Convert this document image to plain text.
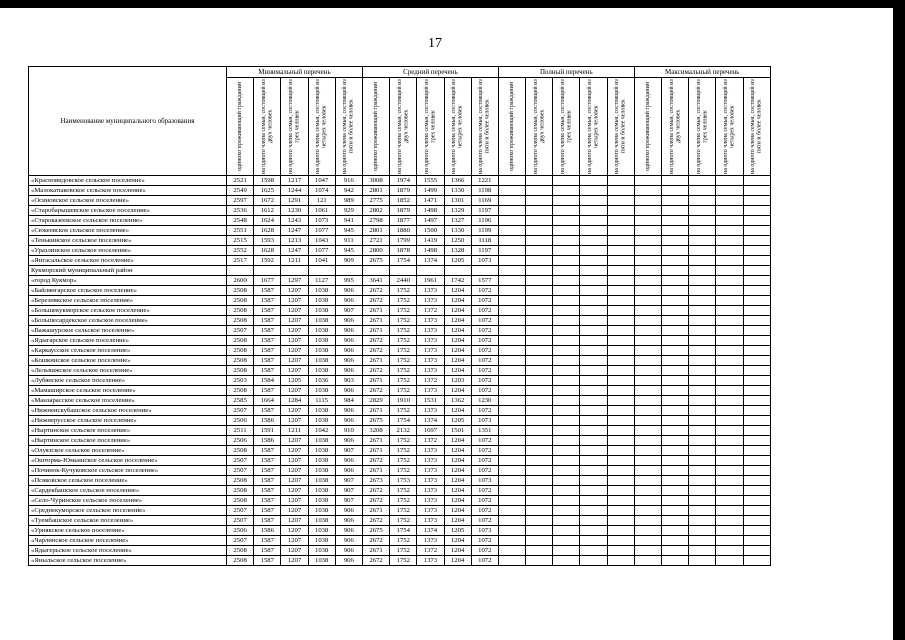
17
Наименование муниципального образования	Минимальный перечень					Средний перечень					Полный перечень					Максимальный перечень				

	одиноко проживающий гражданин	на одного члена семьи, состоящей из двух человек	на одного члена семьи, состоящей из трех человек	на одного члена семьи, состоящей из четырех человек	на одного члена семьи, состоящей из пяти и более человек	одиноко проживающий гражданин	на одного члена семьи, состоящей из двух человек	на одного члена семьи, состоящей из трех человек	на одного члена семьи, состоящей из четырех человек	на одного члена семьи, состоящей из пяти и более человек	одиноко проживающий гражданин	на одного члена семьи, состоящей из двух человек	на одного члена семьи, состоящей из трех человек	на одного члена семьи, состоящей из четырех человек	на одного члена семьи, состоящей из пяти и более человек	одиноко проживающий гражданин	на одного члена семьи, состоящей из двух человек	на одного члена семьи, состоящей из трех человек	на одного члена семьи, состоящей из четырех человек	на одного члена семьи, состоящей из пяти и более человек

«Красновидовское сельское поселение»	2521	1598	1217	1047	916	3008	1974	1555	1366	1221										
«Малокатыковское сельское поселение»	2549	1625	1244	1074	942	2801	1879	1499	1330	1198										
«Осиновское сельское поселение»	2597	1672	1291	121	989	2775	1852	1471	1301	1169										
«Старобарышевское сельское поселение»	2536	1612	1230	1061	929	2802	1879	1498	1329	1197										
«Староказеевское сельское поселение»	2548	1624	1243	1073	941	2798	1877	1497	1327	1196										
«Сюкеевское сельское поселение»	2551	1628	1247	1077	945	2801	1880	1500	1330	1199										
«Тенькинское сельское поселение»	2515	1593	1213	1043	911	2721	1799	1419	1250	1118										
«Уразлинское сельское поселение»	2552	1628	1247	1077	945	2800	1878	1498	1328	1197										
«Янгасальское сельское поселение»	2517	1592	1211	1041	909	2675	1754	1374	1205	1073										
Кукморский муниципальный район																				
«город Кукмор»	2600	1677	1297	1127	995	3641	2440	1961	1742	1577										
«Байлянгарское сельское поселение»	2508	1587	1207	1038	906	2672	1752	1373	1204	1072										
«Березнякское сельское поселение»	2508	1587	1207	1038	906	2672	1752	1373	1204	1072										
«Большекукморское сельское поселение»	2508	1587	1207	1038	907	2671	1752	1372	1204	1072										
«Большесардекское сельское поселение»	2508	1587	1207	1038	906	2671	1752	1373	1204	1072										
«Важашурское сельское поселение»	2507	1587	1207	1038	906	2671	1752	1373	1204	1072										
«Ядыгарское сельское поселение»	2508	1587	1207	1038	906	2672	1752	1373	1204	1072										
«Каркаусское сельское поселение»	2508	1587	1207	1038	906	2672	1752	1373	1204	1072										
«Кошкинское сельское поселение»	2508	1587	1207	1038	906	2671	1752	1373	1204	1072										
«Лельвижское сельское поселение»	2508	1587	1207	1038	906	2672	1752	1373	1204	1072										
«Лубянское сельское поселение»	2503	1584	1205	1036	903	2671	1752	1372	1203	1072										
«Мамаширское сельское поселение»	2508	1587	1207	1038	906	2672	1752	1373	1204	1072										
«Манзарасское сельское поселение»	2585	1664	1284	1115	984	2829	1910	1531	1362	1230										
«Нижнеискубашское сельское поселение»	2507	1587	1207	1038	906	2671	1752	1373	1204	1072										
«Нижнерусское сельское поселение»	2506	1586	1207	1038	906	2675	1754	1374	1205	1073										
«Ныртинское сельское поселение»	2511	1591	1211	1042	910	3208	2132	1697	1501	1351										
«Ныртинское сельское поселение»	2506	1586	1207	1038	906	2671	1752	1372	1204	1072										
«Олуязское сельское поселение»	2508	1587	1207	1038	907	2671	1752	1373	1204	1072										
«Ошторма-Юмьинское сельское поселение»	2507	1587	1207	1038	906	2672	1752	1373	1204	1072										
«Починок-Кучуковское сельское поселение»	2507	1587	1207	1038	906	2671	1752	1373	1204	1072										
«Псяковское сельское поселение»	2508	1587	1207	1038	907	2673	1753	1373	1204	1073										
«Сардекбашское сельское поселение»	2508	1587	1207	1038	907	2672	1752	1373	1204	1072										
«Село-Чуринское сельское поселение»	2508	1587	1207	1038	907	2672	1752	1373	1204	1072										
«Среднекумορское сельское поселение»	2507	1587	1207	1038	906	2671	1752	1373	1204	1072										
«Туембашское сельское поселение»	2507	1587	1207	1038	906	2672	1752	1373	1204	1072										
«Урнякское сельское поселение»	2506	1586	1207	1038	906	2675	1754	1374	1205	1073										
«Чарлинское сельское поселение»	2507	1587	1207	1038	906	2672	1752	1373	1204	1072										
«Ядыгерьское сельское поселение»	2508	1587	1207	1038	906	2671	1752	1372	1204	1072										
«Яныльское сельское поселение»	2508	1587	1207	1038	906	2672	1752	1373	1204	1072										
